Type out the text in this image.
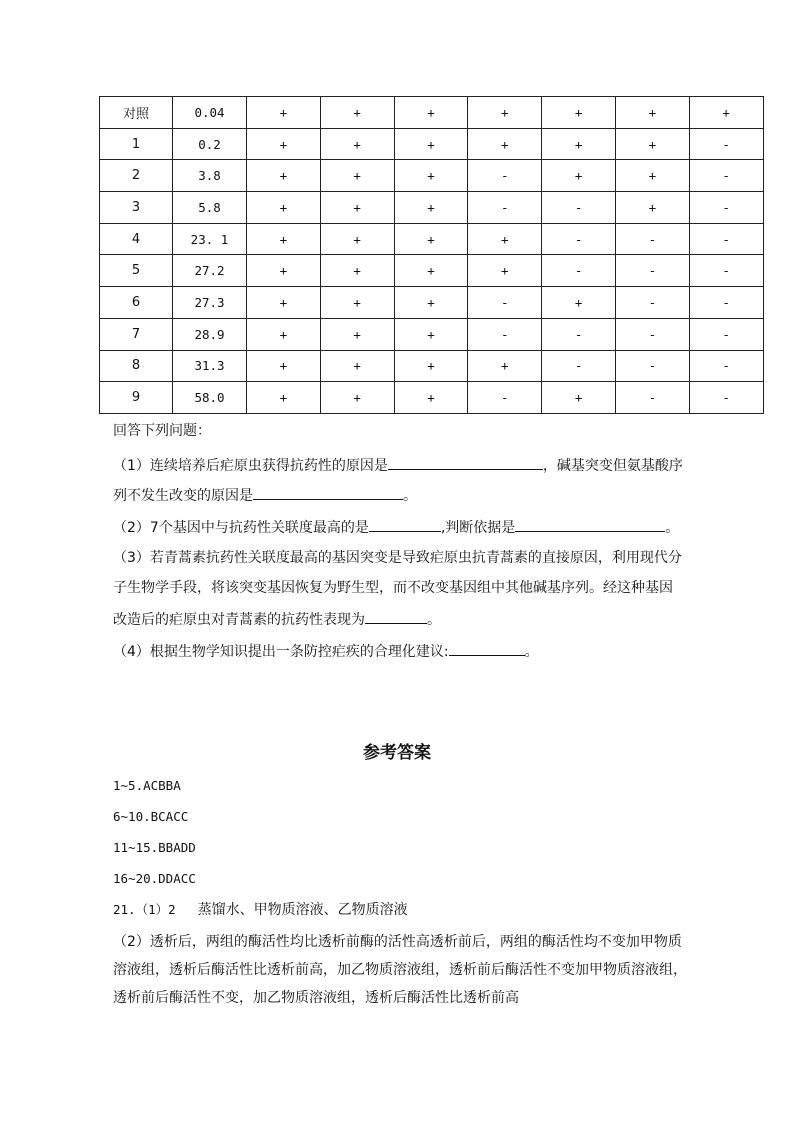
对照	0.04	+	+	+	+	+	+	+
1	0.2	+	+	+	+	+	+	-
2	3.8	+	+	+	-	+	+	-
3	5.8	+	+	+	-	-	+	-
4	23. 1	+	+	+	+	-	-	-
5	27.2	+	+	+	+	-	-	-
6	27.3	+	+	+	-	+	-	-
7	28.9	+	+	+	-	-	-	-
8	31.3	+	+	+	+	-	-	-
9	58.0	+	+	+	-	+	-	-
回答下列问题：
（1）连续培养后疟原虫获得抗药性的原因是	，碱基突变但氨基酸序
列不发生改变的原因是	。
（2）7个基因中与抗药性关联度最高的是	,判断依据是	。
（3）若青蒿素抗药性关联度最高的基因突变是导致疟原虫抗青蒿素的直接原因，利用现代分
子生物学手段，将该突变基因恢复为野生型，而不改变基因组中其他碱基序列。经这种基因
改造后的疟原虫对青蒿素的抗药性表现为	。
（4）根据生物学知识提出一条防控疟疾的合理化建议:	。
参考答案
1~5.ACBBA
6~10.BCACC
11~15.BBADD
16~20.DDACC
21.（1）2 蒸馏水、甲物质溶液、乙物质溶液
（2）透析后，两组的酶活性均比透析前酶的活性高透析前后，两组的酶活性均不变加甲物质溶液组，透析后酶活性比透析前高，加乙物质溶液组，透析前后酶活性不变加甲物质溶液组，透析前后酶活性不变，加乙物质溶液组，透析后酶活性比透析前高
